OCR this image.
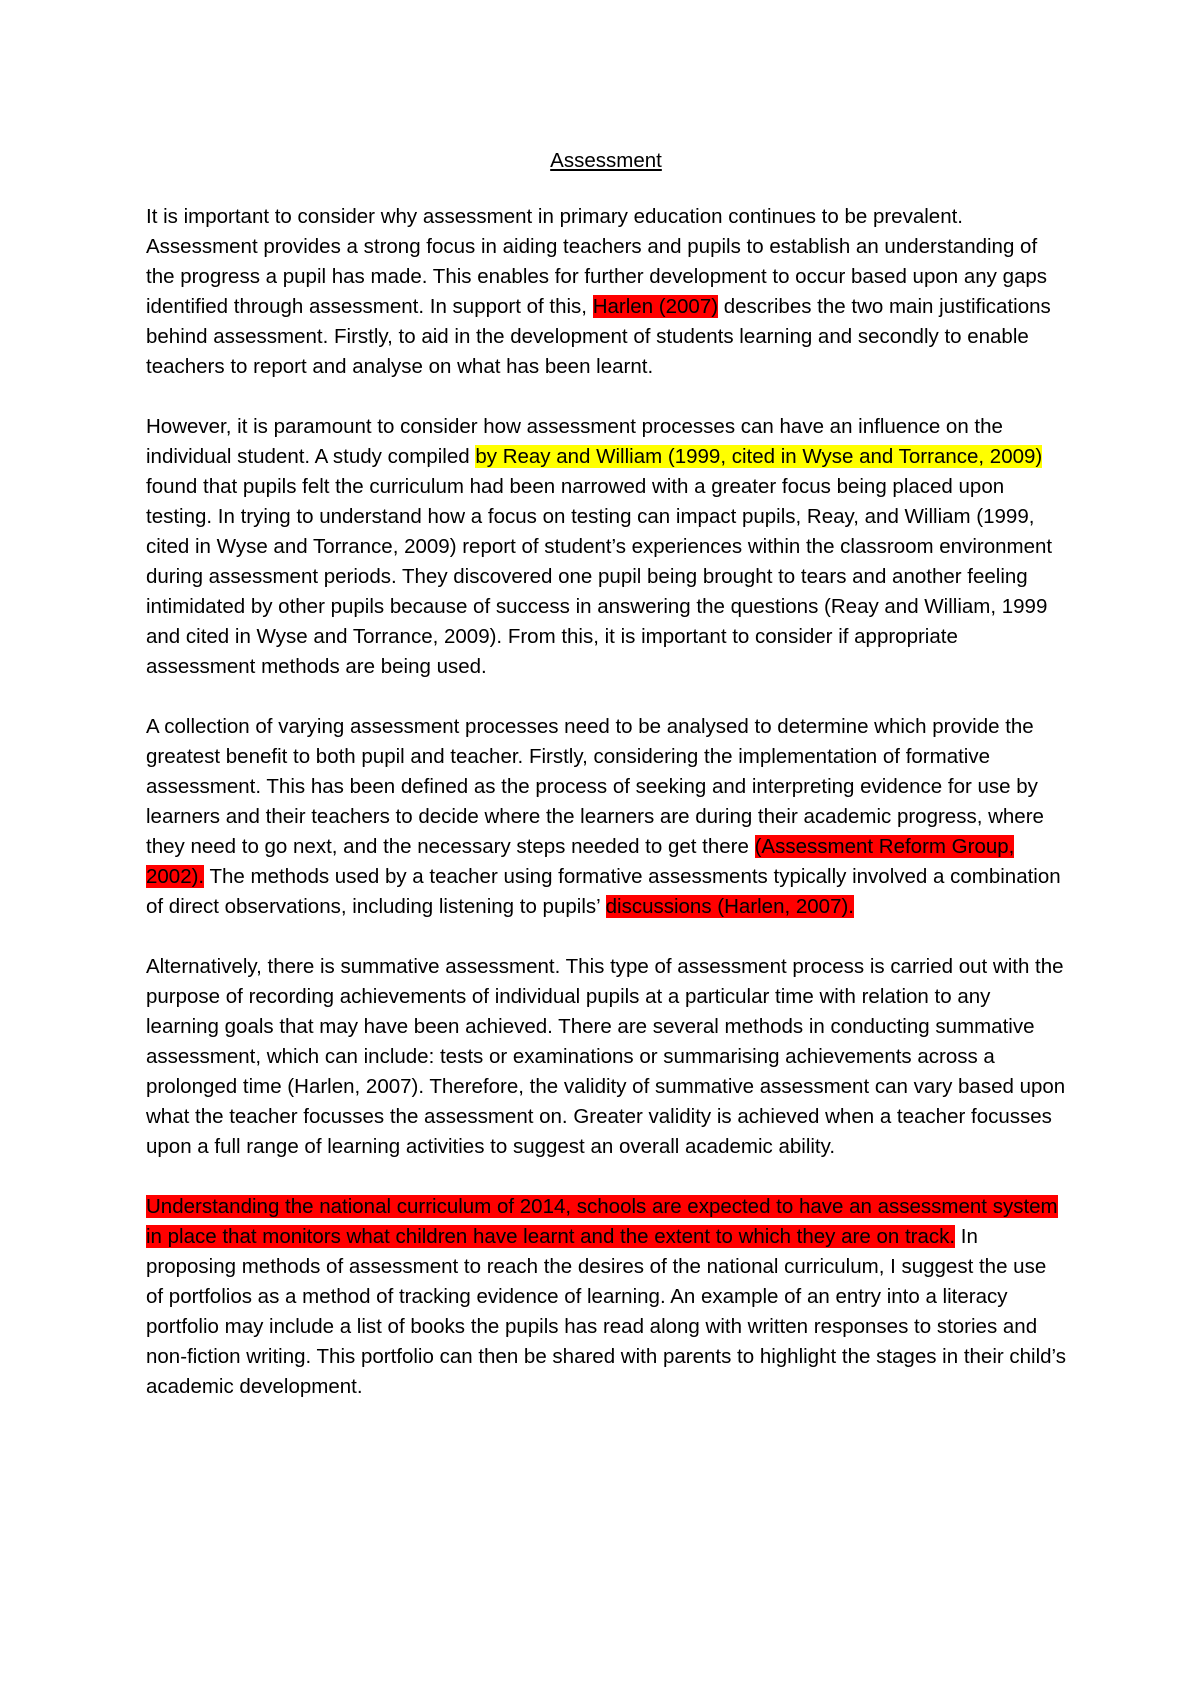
Assessment

It is important to consider why assessment in primary education continues to be prevalent. Assessment provides a strong focus in aiding teachers and pupils to establish an understanding of the progress a pupil has made. This enables for further development to occur based upon any gaps identified through assessment. In support of this, Harlen (2007) describes the two main justifications behind assessment. Firstly, to aid in the development of students learning and secondly to enable teachers to report and analyse on what has been learnt.

However, it is paramount to consider how assessment processes can have an influence on the individual student. A study compiled by Reay and William (1999, cited in Wyse and Torrance, 2009) found that pupils felt the curriculum had been narrowed with a greater focus being placed upon testing. In trying to understand how a focus on testing can impact pupils, Reay, and William (1999, cited in Wyse and Torrance, 2009) report of student’s experiences within the classroom environment during assessment periods. They discovered one pupil being brought to tears and another feeling intimidated by other pupils because of success in answering the questions (Reay and William, 1999 and cited in Wyse and Torrance, 2009). From this, it is important to consider if appropriate assessment methods are being used.

A collection of varying assessment processes need to be analysed to determine which provide the greatest benefit to both pupil and teacher. Firstly, considering the implementation of formative assessment. This has been defined as the process of seeking and interpreting evidence for use by learners and their teachers to decide where the learners are during their academic progress, where they need to go next, and the necessary steps needed to get there (Assessment Reform Group, 2002). The methods used by a teacher using formative assessments typically involved a combination of direct observations, including listening to pupils’ discussions (Harlen, 2007).

Alternatively, there is summative assessment. This type of assessment process is carried out with the purpose of recording achievements of individual pupils at a particular time with relation to any learning goals that may have been achieved. There are several methods in conducting summative assessment, which can include: tests or examinations or summarising achievements across a prolonged time (Harlen, 2007). Therefore, the validity of summative assessment can vary based upon what the teacher focusses the assessment on. Greater validity is achieved when a teacher focusses upon a full range of learning activities to suggest an overall academic ability.

Understanding the national curriculum of 2014, schools are expected to have an assessment system in place that monitors what children have learnt and the extent to which they are on track. In proposing methods of assessment to reach the desires of the national curriculum, I suggest the use of portfolios as a method of tracking evidence of learning. An example of an entry into a literacy portfolio may include a list of books the pupils has read along with written responses to stories and non-fiction writing. This portfolio can then be shared with parents to highlight the stages in their child’s academic development.
